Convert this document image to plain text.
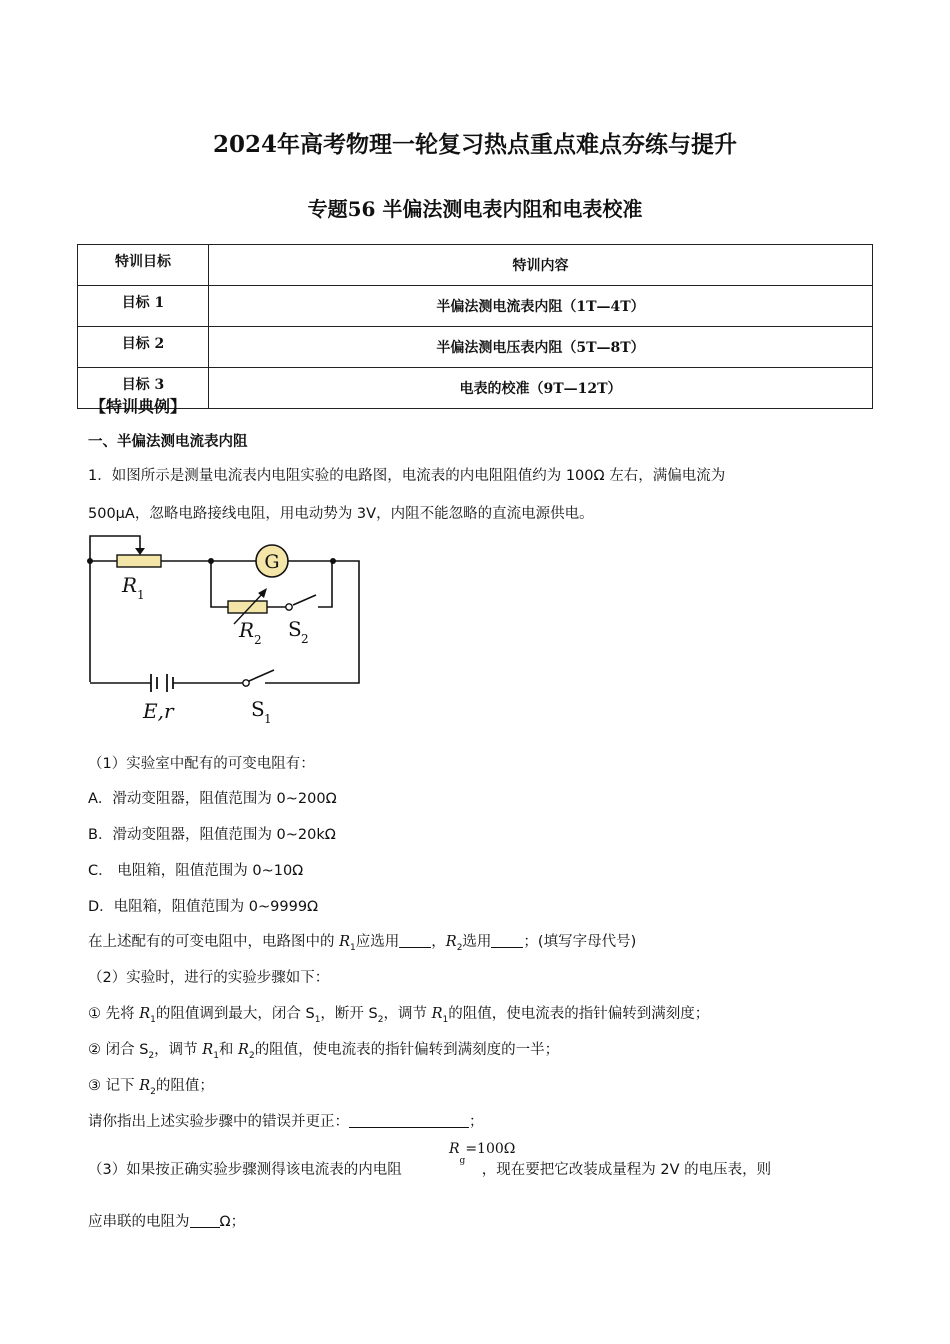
2024年高考物理一轮复习热点重点难点夯练与提升
专题56 半偏法测电表内阻和电表校准
特训目标	特训内容
目标 1	半偏法测电流表内阻（1T—4T）
目标 2	半偏法测电压表内阻（5T—8T）
目标 3	电表的校准（9T—12T）
【特训典例】
一、半偏法测电流表内阻
1．如图所示是测量电流表内电阻实验的电路图，电流表的内电阻阻值约为 100Ω 左右，满偏电流为
500μA，忽略电路接线电阻，用电动势为 3V，内阻不能忽略的直流电源供电。
G
R 1
R 2 S 2
E,r	S 1
（1）实验室中配有的可变电阻有：
A．滑动变阻器，阻值范围为 0~200Ω
B．滑动变阻器，阻值范围为 0~20kΩ
C． 电阻箱，阻值范围为 0~10Ω
D．电阻箱，阻值范围为 0~9999Ω
在上述配有的可变电阻中，电路图中的 $R_1$应选用 ，$R_2$选用 ；(填写字母代号)
（2）实验时，进行的实验步骤如下：
① 先将 $R_1$的阻值调到最大，闭合 $S_1$，断开 $S_2$，调节 $R_1$的阻值，使电流表的指针偏转到满刻度；
② 闭合 $S_2$，调节 $R_1$和 $R_2$的阻值，使电流表的指针偏转到满刻度的一半；
③ 记下 $R_2$的阻值；
请你指出上述实验步骤中的错误并更正：	；
（3）如果按正确实验步骤测得该电流表的内电阻	，现在要把它改装成量程为 2V 的电压表，则
$R_g=100\Omega$
应串联的电阻为 Ω；
